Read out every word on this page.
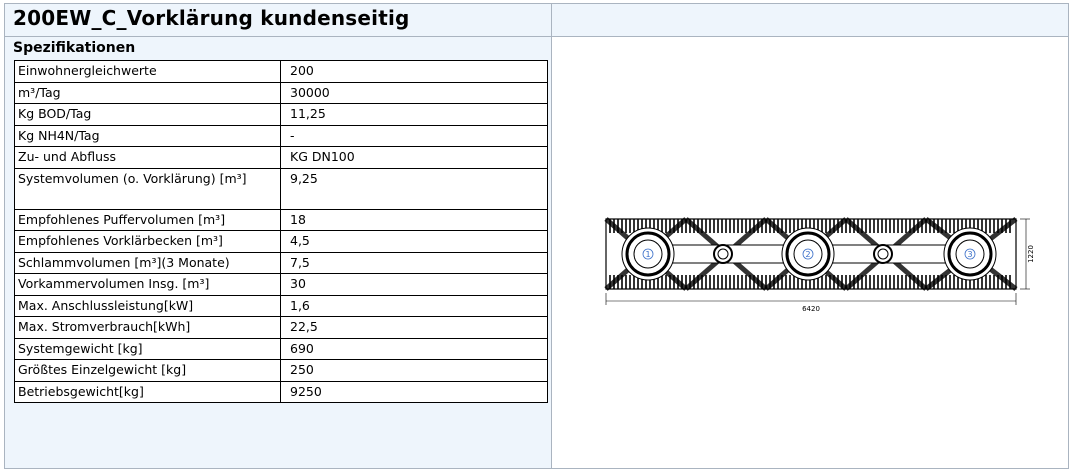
200EW_C_Vorklärung kundenseitig
Spezifikationen
Einwohnergleichwerte	200
m³/Tag	30000
Kg BOD/Tag	11,25
Kg NH4N/Tag	-
Zu- und Abfluss	KG DN100
Systemvolumen (o. Vorklärung) [m³]	9,25
Empfohlenes Puffervolumen [m³]	18
Empfohlenes Vorklärbecken [m³]	4,5
Schlammvolumen [m³](3 Monate)	7,5
Vorkammervolumen Insg. [m³]	30
Max. Anschlussleistung[kW]	1,6
Max. Stromverbrauch[kWh]	22,5
Systemgewicht [kg]	690
Größtes Einzelgewicht [kg]	250
Betriebsgewicht[kg]	9250
1	2	3
6420
1220
